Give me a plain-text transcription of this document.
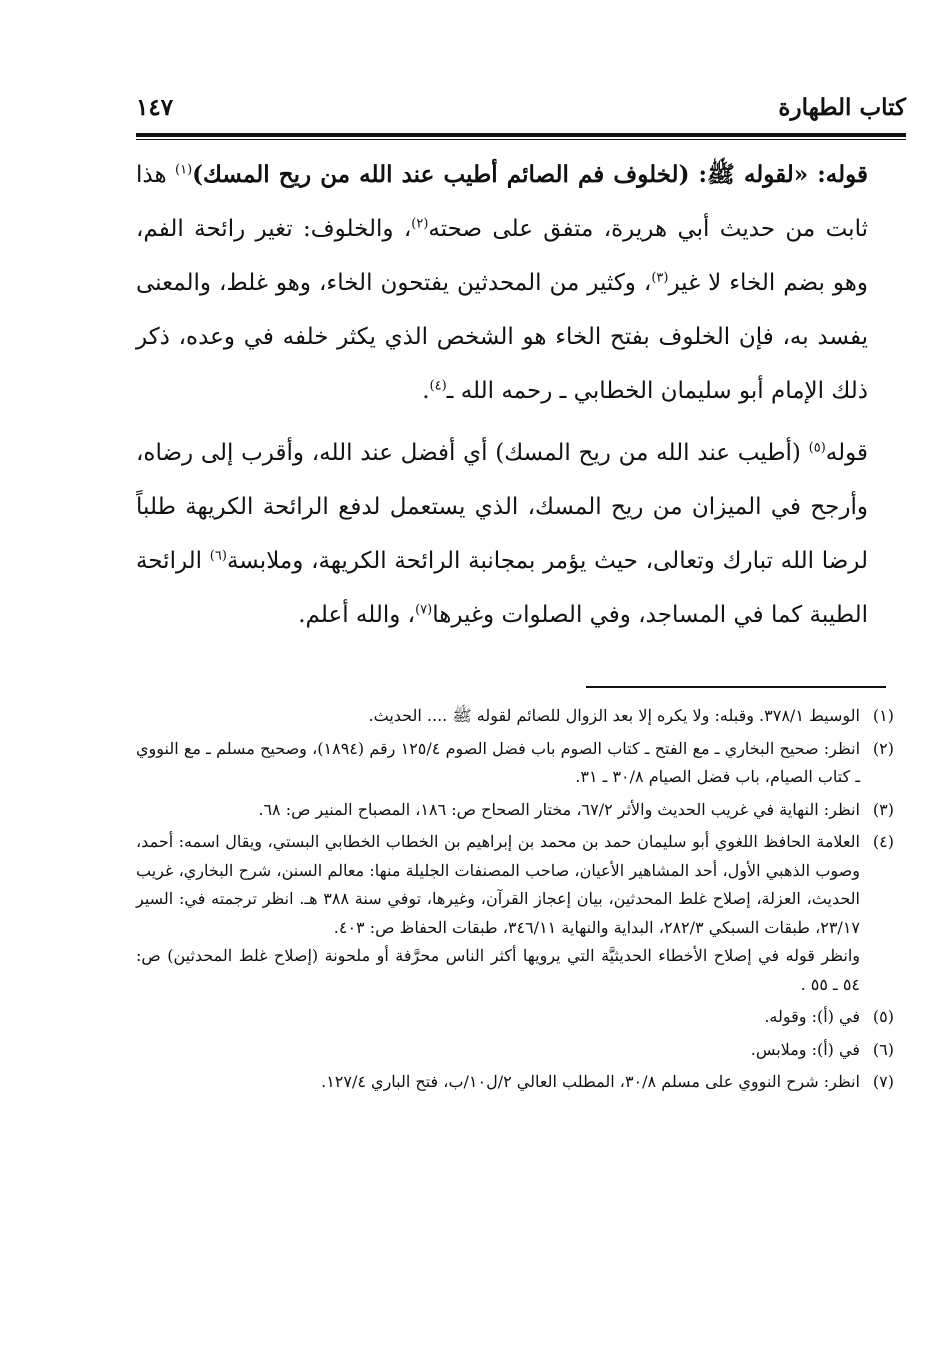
كتاب الطهارة
١٤٧

قوله: «لقوله ﷺ: (لخلوف فم الصائم أطيب عند الله من ريح المسك)$^{(١)}$ هذا ثابت من حديث أبي هريرة، متفق على صحته$^{(٢)}$، والخلوف: تغير رائحة الفم، وهو بضم الخاء لا غير$^{(٣)}$، وكثير من المحدثين يفتحون الخاء، وهو غلط، والمعنى يفسد به، فإن الخلوف بفتح الخاء هو الشخص الذي يكثر خلفه في وعده، ذكر ذلك الإمام أبو سليمان الخطابي ـ رحمه الله ـ$^{(٤)}$.

قوله$^{(٥)}$ (أطيب عند الله من ريح المسك) أي أفضل عند الله، وأقرب إلى رضاه، وأرجح في الميزان من ريح المسك، الذي يستعمل لدفع الرائحة الكريهة طلباً لرضا الله تبارك وتعالى، حيث يؤمر بمجانبة الرائحة الكريهة، وملابسة$^{(٦)}$ الرائحة الطيبة كما في المساجد، وفي الصلوات وغيرها$^{(٧)}$، والله أعلم.

(١)
الوسيط ٣٧٨/١. وقبله: ولا يكره إلا بعد الزوال للصائم لقوله ﷺ .... الحديث.
(٢)
انظر: صحيح البخاري ـ مع الفتح ـ كتاب الصوم باب فضل الصوم ١٢٥/٤ رقم (١٨٩٤)، وصحيح مسلم ـ مع النووي ـ كتاب الصيام، باب فضل الصيام ٣٠/٨ ـ ٣١.
(٣)
انظر: النهاية في غريب الحديث والأثر ٦٧/٢، مختار الصحاح ص: ١٨٦، المصباح المنير ص: ٦٨.
(٤)
العلامة الحافظ اللغوي أبو سليمان حمد بن محمد بن إبراهيم بن الخطاب الخطابي البستي، ويقال اسمه: أحمد، وصوب الذهبي الأول، أحد المشاهير الأعيان، صاحب المصنفات الجليلة منها: معالم السنن، شرح البخاري، غريب الحديث، العزلة، إصلاح غلط المحدثين، بيان إعجاز القرآن، وغيرها، توفي سنة ٣٨٨ هـ. انظر ترجمته في: السير ٢٣/١٧، طبقات السبكي ٢٨٢/٣، البداية والنهاية ٣٤٦/١١، طبقات الحفاظ ص: ٤٠٣.
وانظر قوله في إصلاح الأخطاء الحديثيَّة التي يرويها أكثر الناس محرَّفة أو ملحونة (إصلاح غلط المحدثين) ص: ٥٤ ـ ٥٥ .
(٥)
في (أ): وقوله.
(٦)
في (أ): وملابس.
(٧)
انظر: شرح النووي على مسلم ٣٠/٨، المطلب العالي ٢/ل١٠/ب، فتح الباري ١٢٧/٤.
